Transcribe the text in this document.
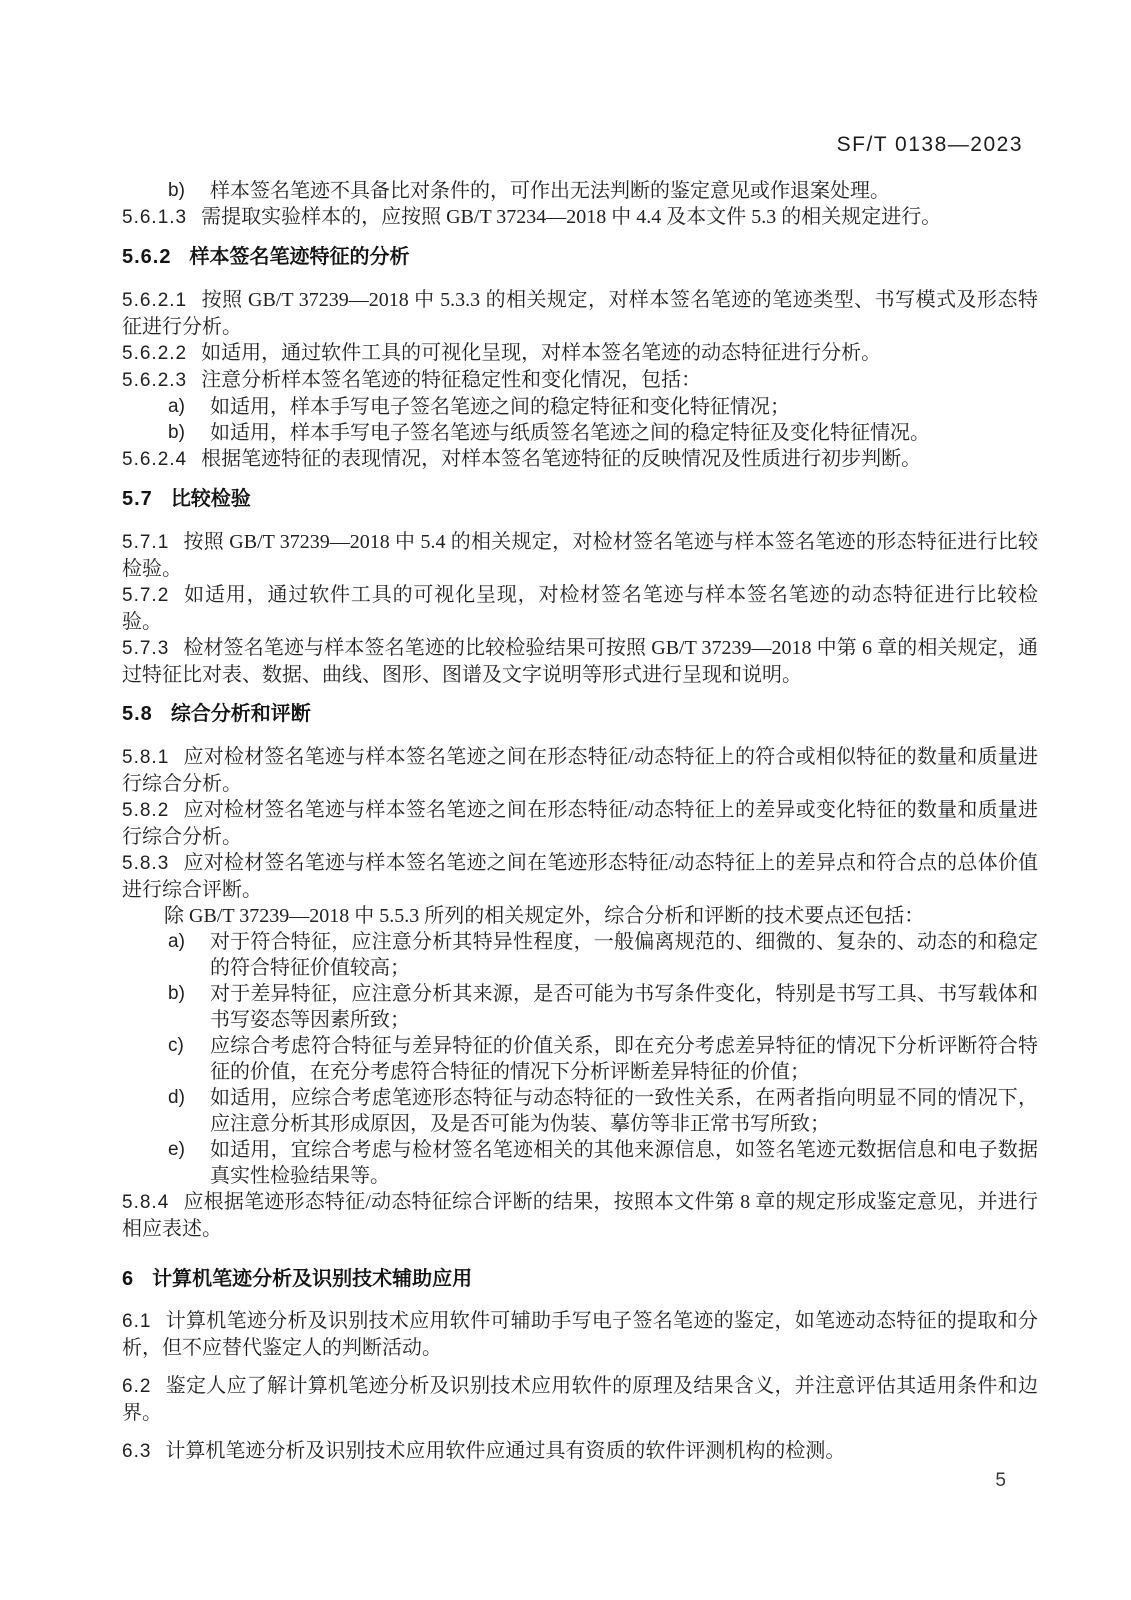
SF/T 0138—2023
b)	样本签名笔迹不具备比对条件的，可作出无法判断的鉴定意见或作退案处理。

5.6.1.3 需提取实验样本的，应按照 GB/T 37234—2018 中 4.4 及本文件 5.3 的相关规定进行。

5.6.2 样本签名笔迹特征的分析

5.6.2.1 按照 GB/T 37239—2018 中 5.3.3 的相关规定，对样本签名笔迹的笔迹类型、书写模式及形态特征进行分析。

5.6.2.2 如适用，通过软件工具的可视化呈现，对样本签名笔迹的动态特征进行分析。

5.6.2.3 注意分析样本签名笔迹的特征稳定性和变化情况，包括：

a)	如适用，样本手写电子签名笔迹之间的稳定特征和变化特征情况；
b)	如适用，样本手写电子签名笔迹与纸质签名笔迹之间的稳定特征及变化特征情况。

5.6.2.4 根据笔迹特征的表现情况，对样本签名笔迹特征的反映情况及性质进行初步判断。

5.7 比较检验

5.7.1 按照 GB/T 37239—2018 中 5.4 的相关规定，对检材签名笔迹与样本签名笔迹的形态特征进行比较检验。

5.7.2 如适用，通过软件工具的可视化呈现，对检材签名笔迹与样本签名笔迹的动态特征进行比较检验。

5.7.3 检材签名笔迹与样本签名笔迹的比较检验结果可按照 GB/T 37239—2018 中第 6 章的相关规定，通过特征比对表、数据、曲线、图形、图谱及文字说明等形式进行呈现和说明。

5.8 综合分析和评断

5.8.1 应对检材签名笔迹与样本签名笔迹之间在形态特征/动态特征上的符合或相似特征的数量和质量进行综合分析。

5.8.2 应对检材签名笔迹与样本签名笔迹之间在形态特征/动态特征上的差异或变化特征的数量和质量进行综合分析。

5.8.3 应对检材签名笔迹与样本签名笔迹之间在笔迹形态特征/动态特征上的差异点和符合点的总体价值进行综合评断。

除 GB/T 37239—2018 中 5.5.3 所列的相关规定外，综合分析和评断的技术要点还包括：

a)	对于符合特征，应注意分析其特异性程度，一般偏离规范的、细微的、复杂的、动态的和稳定的符合特征价值较高；
b)	对于差异特征，应注意分析其来源，是否可能为书写条件变化，特别是书写工具、书写载体和书写姿态等因素所致；
c)	应综合考虑符合特征与差异特征的价值关系，即在充分考虑差异特征的情况下分析评断符合特征的价值，在充分考虑符合特征的情况下分析评断差异特征的价值；
d)	如适用，应综合考虑笔迹形态特征与动态特征的一致性关系，在两者指向明显不同的情况下，应注意分析其形成原因，及是否可能为伪装、摹仿等非正常书写所致；
e)	如适用，宜综合考虑与检材签名笔迹相关的其他来源信息，如签名笔迹元数据信息和电子数据真实性检验结果等。

5.8.4 应根据笔迹形态特征/动态特征综合评断的结果，按照本文件第 8 章的规定形成鉴定意见，并进行相应表述。

6 计算机笔迹分析及识别技术辅助应用

6.1 计算机笔迹分析及识别技术应用软件可辅助手写电子签名笔迹的鉴定，如笔迹动态特征的提取和分析，但不应替代鉴定人的判断活动。

6.2 鉴定人应了解计算机笔迹分析及识别技术应用软件的原理及结果含义，并注意评估其适用条件和边界。

6.3 计算机笔迹分析及识别技术应用软件应通过具有资质的软件评测机构的检测。

5
